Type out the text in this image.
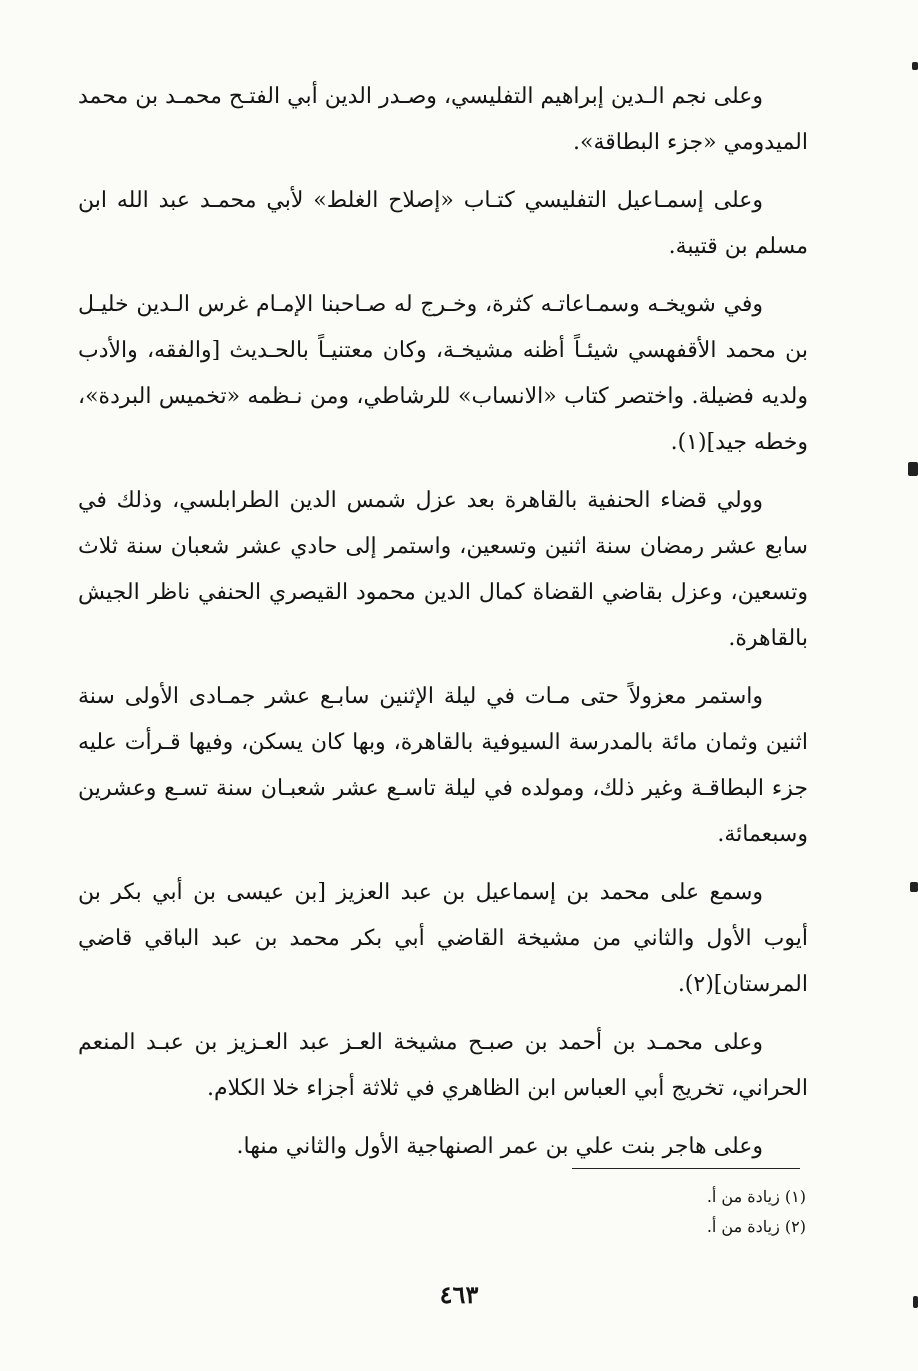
وعلى نجم الـدين إبراهيم التفليسي، وصـدر الدين أبي الفتـح محمـد بن محمد الميدومي «جزء البطاقة».

وعلى إسمـاعيل التفليسي كتـاب «إصلاح الغلط» لأبي محمـد عبد الله ابن مسلم بن قتيبة.

وفي شويخـه وسمـاعاتـه كثرة، وخـرج له صـاحبنا الإمـام غرس الـدين خليـل بن محمد الأقفهسي شيئـاً أظنه مشيخـة، وكان معتنيـاً بالحـديث [والفقه، والأدب ولديه فضيلة. واختصر كتاب «الانساب» للرشاطي، ومن نـظمه «تخميس البردة»، وخطه جيد](١).

وولي قضاء الحنفية بالقاهرة بعد عزل شمس الدين الطرابلسي، وذلك في سابع عشر رمضان سنة اثنين وتسعين، واستمر إلى حادي عشر شعبان سنة ثلاث وتسعين، وعزل بقاضي القضاة كمال الدين محمود القيصري الحنفي ناظر الجيش بالقاهرة.

واستمر معزولاً حتى مـات في ليلة الإثنين سابـع عشر جمـادى الأولى سنة اثنين وثمان مائة بالمدرسة السيوفية بالقاهرة، وبها كان يسكن، وفيها قـرأت عليه جزء البطاقـة وغير ذلك، ومولده في ليلة تاسـع عشر شعبـان سنة تسـع وعشرين وسبعمائة.

وسمع على محمد بن إسماعيل بن عبد العزيز [بن عيسى بن أبي بكر بن أيوب الأول والثاني من مشيخة القاضي أبي بكر محمد بن عبد الباقي قاضي المرستان](٢).

وعلى محمـد بن أحمد بن صبـح مشيخة العـز عبد العـزيز بن عبـد المنعم الحراني، تخريج أبي العباس ابن الظاهري في ثلاثة أجزاء خلا الكلام.

وعلى هاجر بنت علي بن عمر الصنهاجية الأول والثاني منها.

(١) زيادة من أ.

(٢) زيادة من أ.

٤٦٣
